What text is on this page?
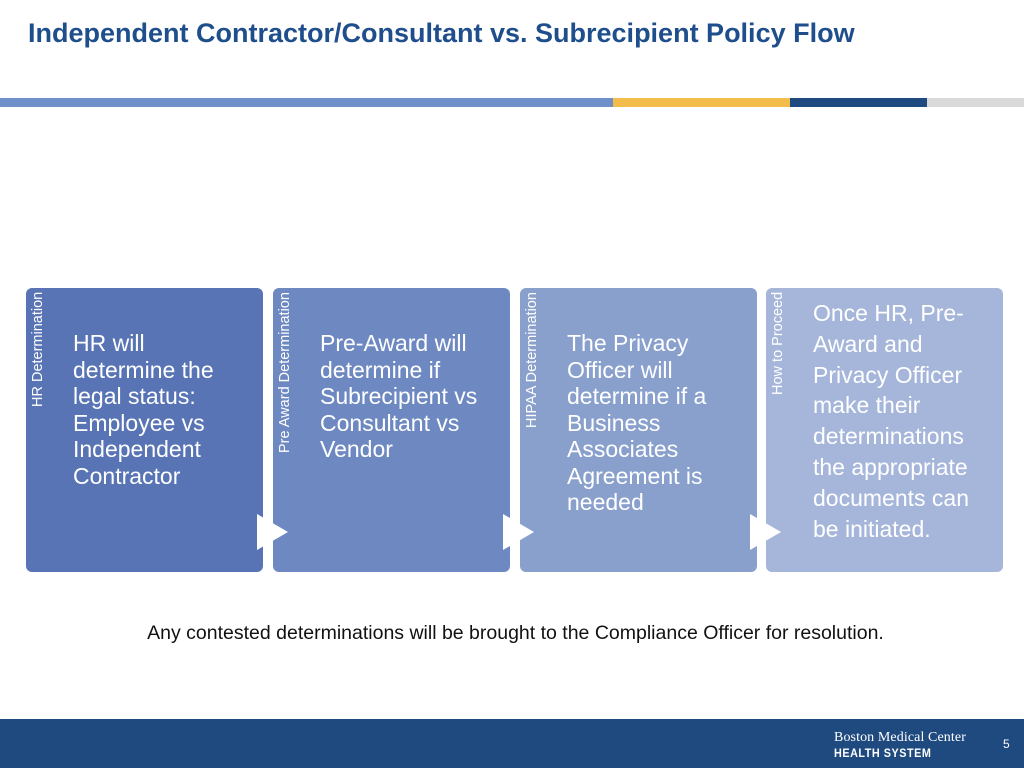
Independent Contractor/Consultant vs. Subrecipient Policy Flow
HR Determination HR will determine the legal status: Employee vs Independent Contractor

Pre Award Determination Pre-Award will determine if Subrecipient vs Consultant vs Vendor

HIPAA Determination The Privacy Officer will determine if a Business Associates Agreement is needed

How to Proceed Once HR, Pre-Award and Privacy Officer make their determinations the appropriate documents can be initiated.

Any contested determinations will be brought to the Compliance Officer for resolution.

Boston Medical Center
HEALTH SYSTEM
5
